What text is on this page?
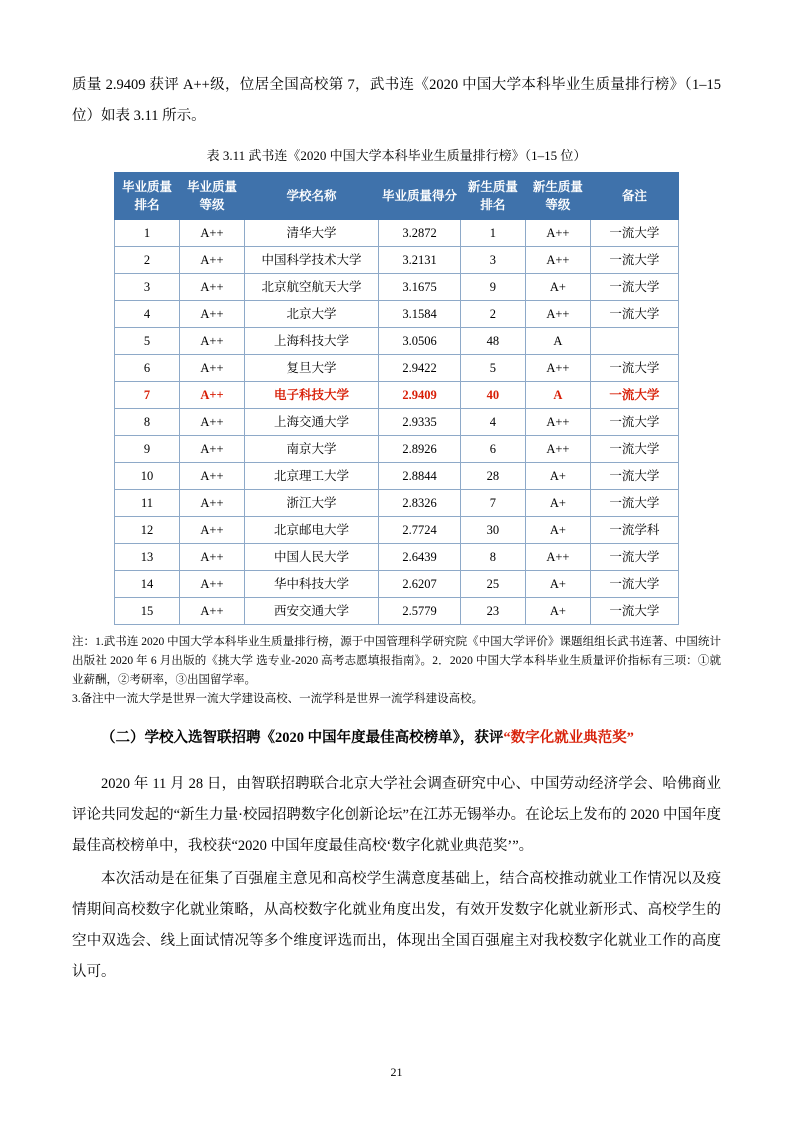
质量 2.9409 获评 A++级，位居全国高校第 7，武书连《2020 中国大学本科毕业生质量排行榜》（1–15 位）如表 3.11 所示。

表 3.11 武书连《2020 中国大学本科毕业生质量排行榜》（1–15 位）
毕业质量排名	毕业质量等级	学校名称	毕业质量得分	新生质量排名	新生质量等级	备注
1	A++	清华大学	3.2872	1	A++	一流大学
2	A++	中国科学技术大学	3.2131	3	A++	一流大学
3	A++	北京航空航天大学	3.1675	9	A+	一流大学
4	A++	北京大学	3.1584	2	A++	一流大学
5	A++	上海科技大学	3.0506	48	A	
6	A++	复旦大学	2.9422	5	A++	一流大学
7	A++	电子科技大学	2.9409	40	A	一流大学
8	A++	上海交通大学	2.9335	4	A++	一流大学
9	A++	南京大学	2.8926	6	A++	一流大学
10	A++	北京理工大学	2.8844	28	A+	一流大学
11	A++	浙江大学	2.8326	7	A+	一流大学
12	A++	北京邮电大学	2.7724	30	A+	一流学科
13	A++	中国人民大学	2.6439	8	A++	一流大学
14	A++	华中科技大学	2.6207	25	A+	一流大学
15	A++	西安交通大学	2.5779	23	A+	一流大学
注：1.武书连 2020 中国大学本科毕业生质量排行榜，源于中国管理科学研究院《中国大学评价》课题组组长武书连著、中国统计出版社 2020 年 6 月出版的《挑大学 选专业-2020 高考志愿填报指南》。2．2020 中国大学本科毕业生质量评价指标有三项：①就业薪酬，②考研率，③出国留学率。
3.备注中一流大学是世界一流大学建设高校、一流学科是世界一流学科建设高校。

（二）学校入选智联招聘《2020 中国年度最佳高校榜单》，获评“数字化就业典范奖”

2020 年 11 月 28 日，由智联招聘联合北京大学社会调查研究中心、中国劳动经济学会、哈佛商业评论共同发起的“新生力量·校园招聘数字化创新论坛”在江苏无锡举办。在论坛上发布的 2020 中国年度最佳高校榜单中，我校获“2020 中国年度最佳高校‘数字化就业典范奖’”。

本次活动是在征集了百强雇主意见和高校学生满意度基础上，结合高校推动就业工作情况以及疫情期间高校数字化就业策略，从高校数字化就业角度出发，有效开发数字化就业新形式、高校学生的空中双选会、线上面试情况等多个维度评选而出，体现出全国百强雇主对我校数字化就业工作的高度认可。

21
